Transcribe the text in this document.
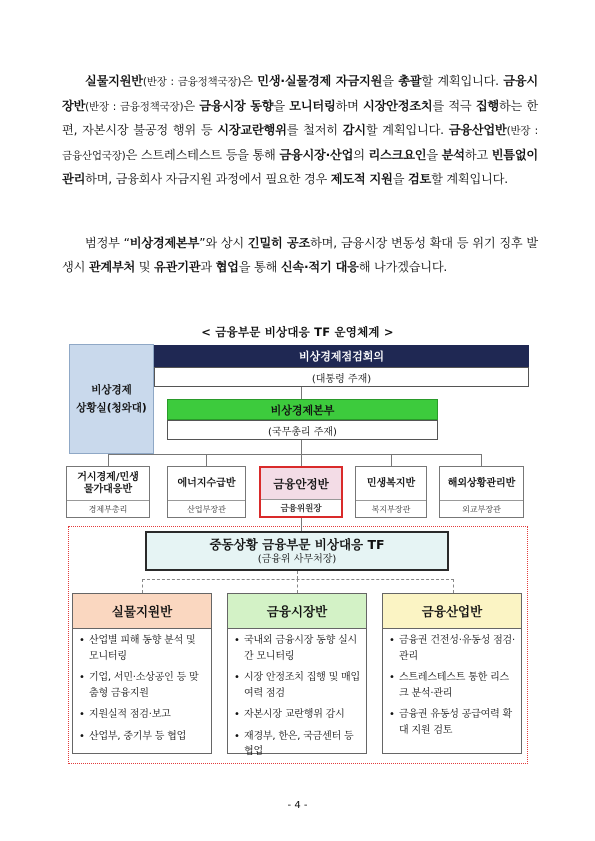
실물지원반(반장 : 금융정책국장)은 민생·실물경제 자금지원을 총괄할 계획입니다. 금융시장반(반장 : 금융정책국장)은 금융시장 동향을 모니터링하며 시장안정조치를 적극 집행하는 한편, 자본시장 불공정 행위 등 시장교란행위를 철저히 감시할 계획입니다. 금융산업반(반장 : 금융산업국장)은 스트레스테스트 등을 통해 금융시장·산업의 리스크요인을 분석하고 빈틈없이 관리하며, 금융회사 자금지원 과정에서 필요한 경우 제도적 지원을 검토할 계획입니다.
범정부 “비상경제본부”와 상시 긴밀히 공조하며, 금융시장 변동성 확대 등 위기 징후 발생시 관계부처 및 유관기관과 협업을 통해 신속·적기 대응해 나가겠습니다.
< 금융부문 비상대응 TF 운영체계 >
비상경제
상황실(청와대)
비상경제점검회의
(대통령 주재)
비상경제본부
(국무총리 주재)
거시경제/민생
물가대응반
경제부총리
에너지수급반
산업부장관
금융안정반
금융위원장
민생복지반
복지부장관
해외상황관리반
외교부장관
중동상황 금융부문 비상대응 TF
(금융위 사무처장)
실물지원반
• 산업별 피해 동향 분석 및 모니터링
• 기업, 서민·소상공인 등 맞춤형 금융지원
• 지원실적 점검·보고
• 산업부, 중기부 등 협업
금융시장반
• 국내외 금융시장 동향 실시간 모니터링
• 시장 안정조치 집행 및 매입여력 점검
• 자본시장 교란행위 감시
• 재경부, 한은, 국금센터 등 협업
금융산업반
• 금융권 건전성·유동성 점검·관리
• 스트레스테스트 통한 리스크 분석·관리
• 금융권 유동성 공급여력 확대 지원 검토
- 4 -
